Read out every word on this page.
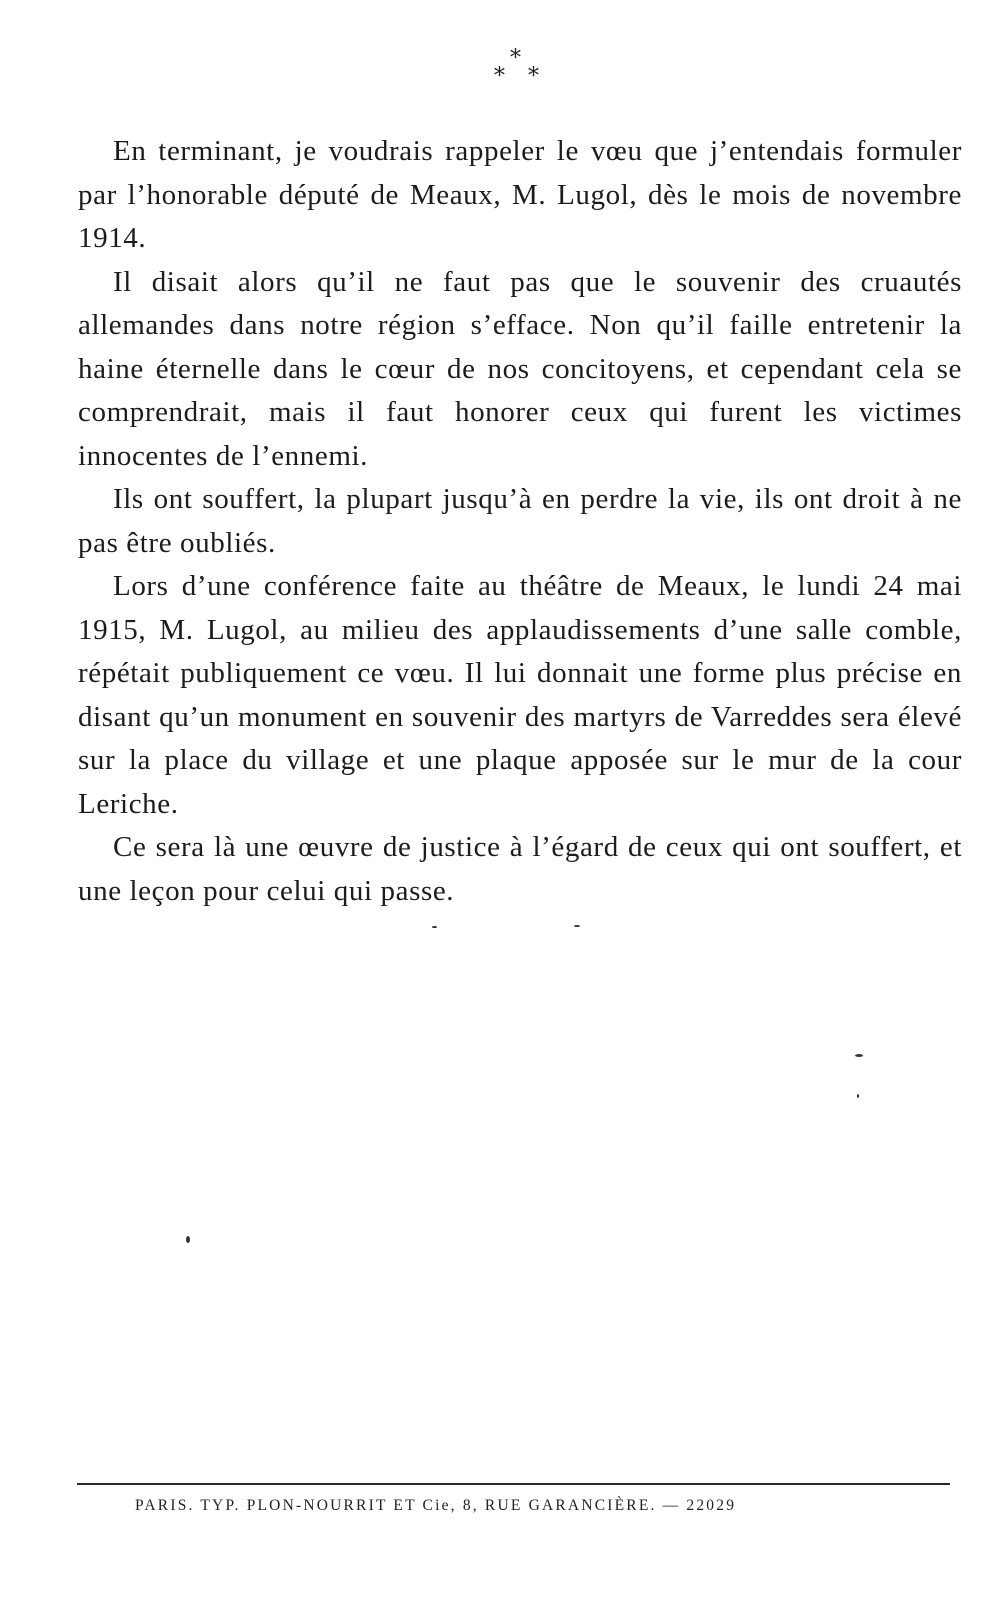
*
* *

En terminant, je voudrais rappeler le vœu que j’entendais formuler par l’honorable député de Meaux, M. Lugol, dès le mois de novembre 1914.

Il disait alors qu’il ne faut pas que le souvenir des cruautés allemandes dans notre région s’efface. Non qu’il faille entretenir la haine éternelle dans le cœur de nos concitoyens, et cependant cela se comprendrait, mais il faut honorer ceux qui furent les victimes innocentes de l’ennemi.

Ils ont souffert, la plupart jusqu’à en perdre la vie, ils ont droit à ne pas être oubliés.

Lors d’une conférence faite au théâtre de Meaux, le lundi 24 mai 1915, M. Lugol, au milieu des applaudissements d’une salle comble, répétait publiquement ce vœu. Il lui donnait une forme plus précise en disant qu’un monument en souvenir des martyrs de Varreddes sera élevé sur la place du village et une plaque apposée sur le mur de la cour Leriche.

Ce sera là une œuvre de justice à l’égard de ceux qui ont souffert, et une leçon pour celui qui passe.

PARIS. TYP. PLON-NOURRIT ET Cie, 8, RUE GARANCIÈRE. — 22029
